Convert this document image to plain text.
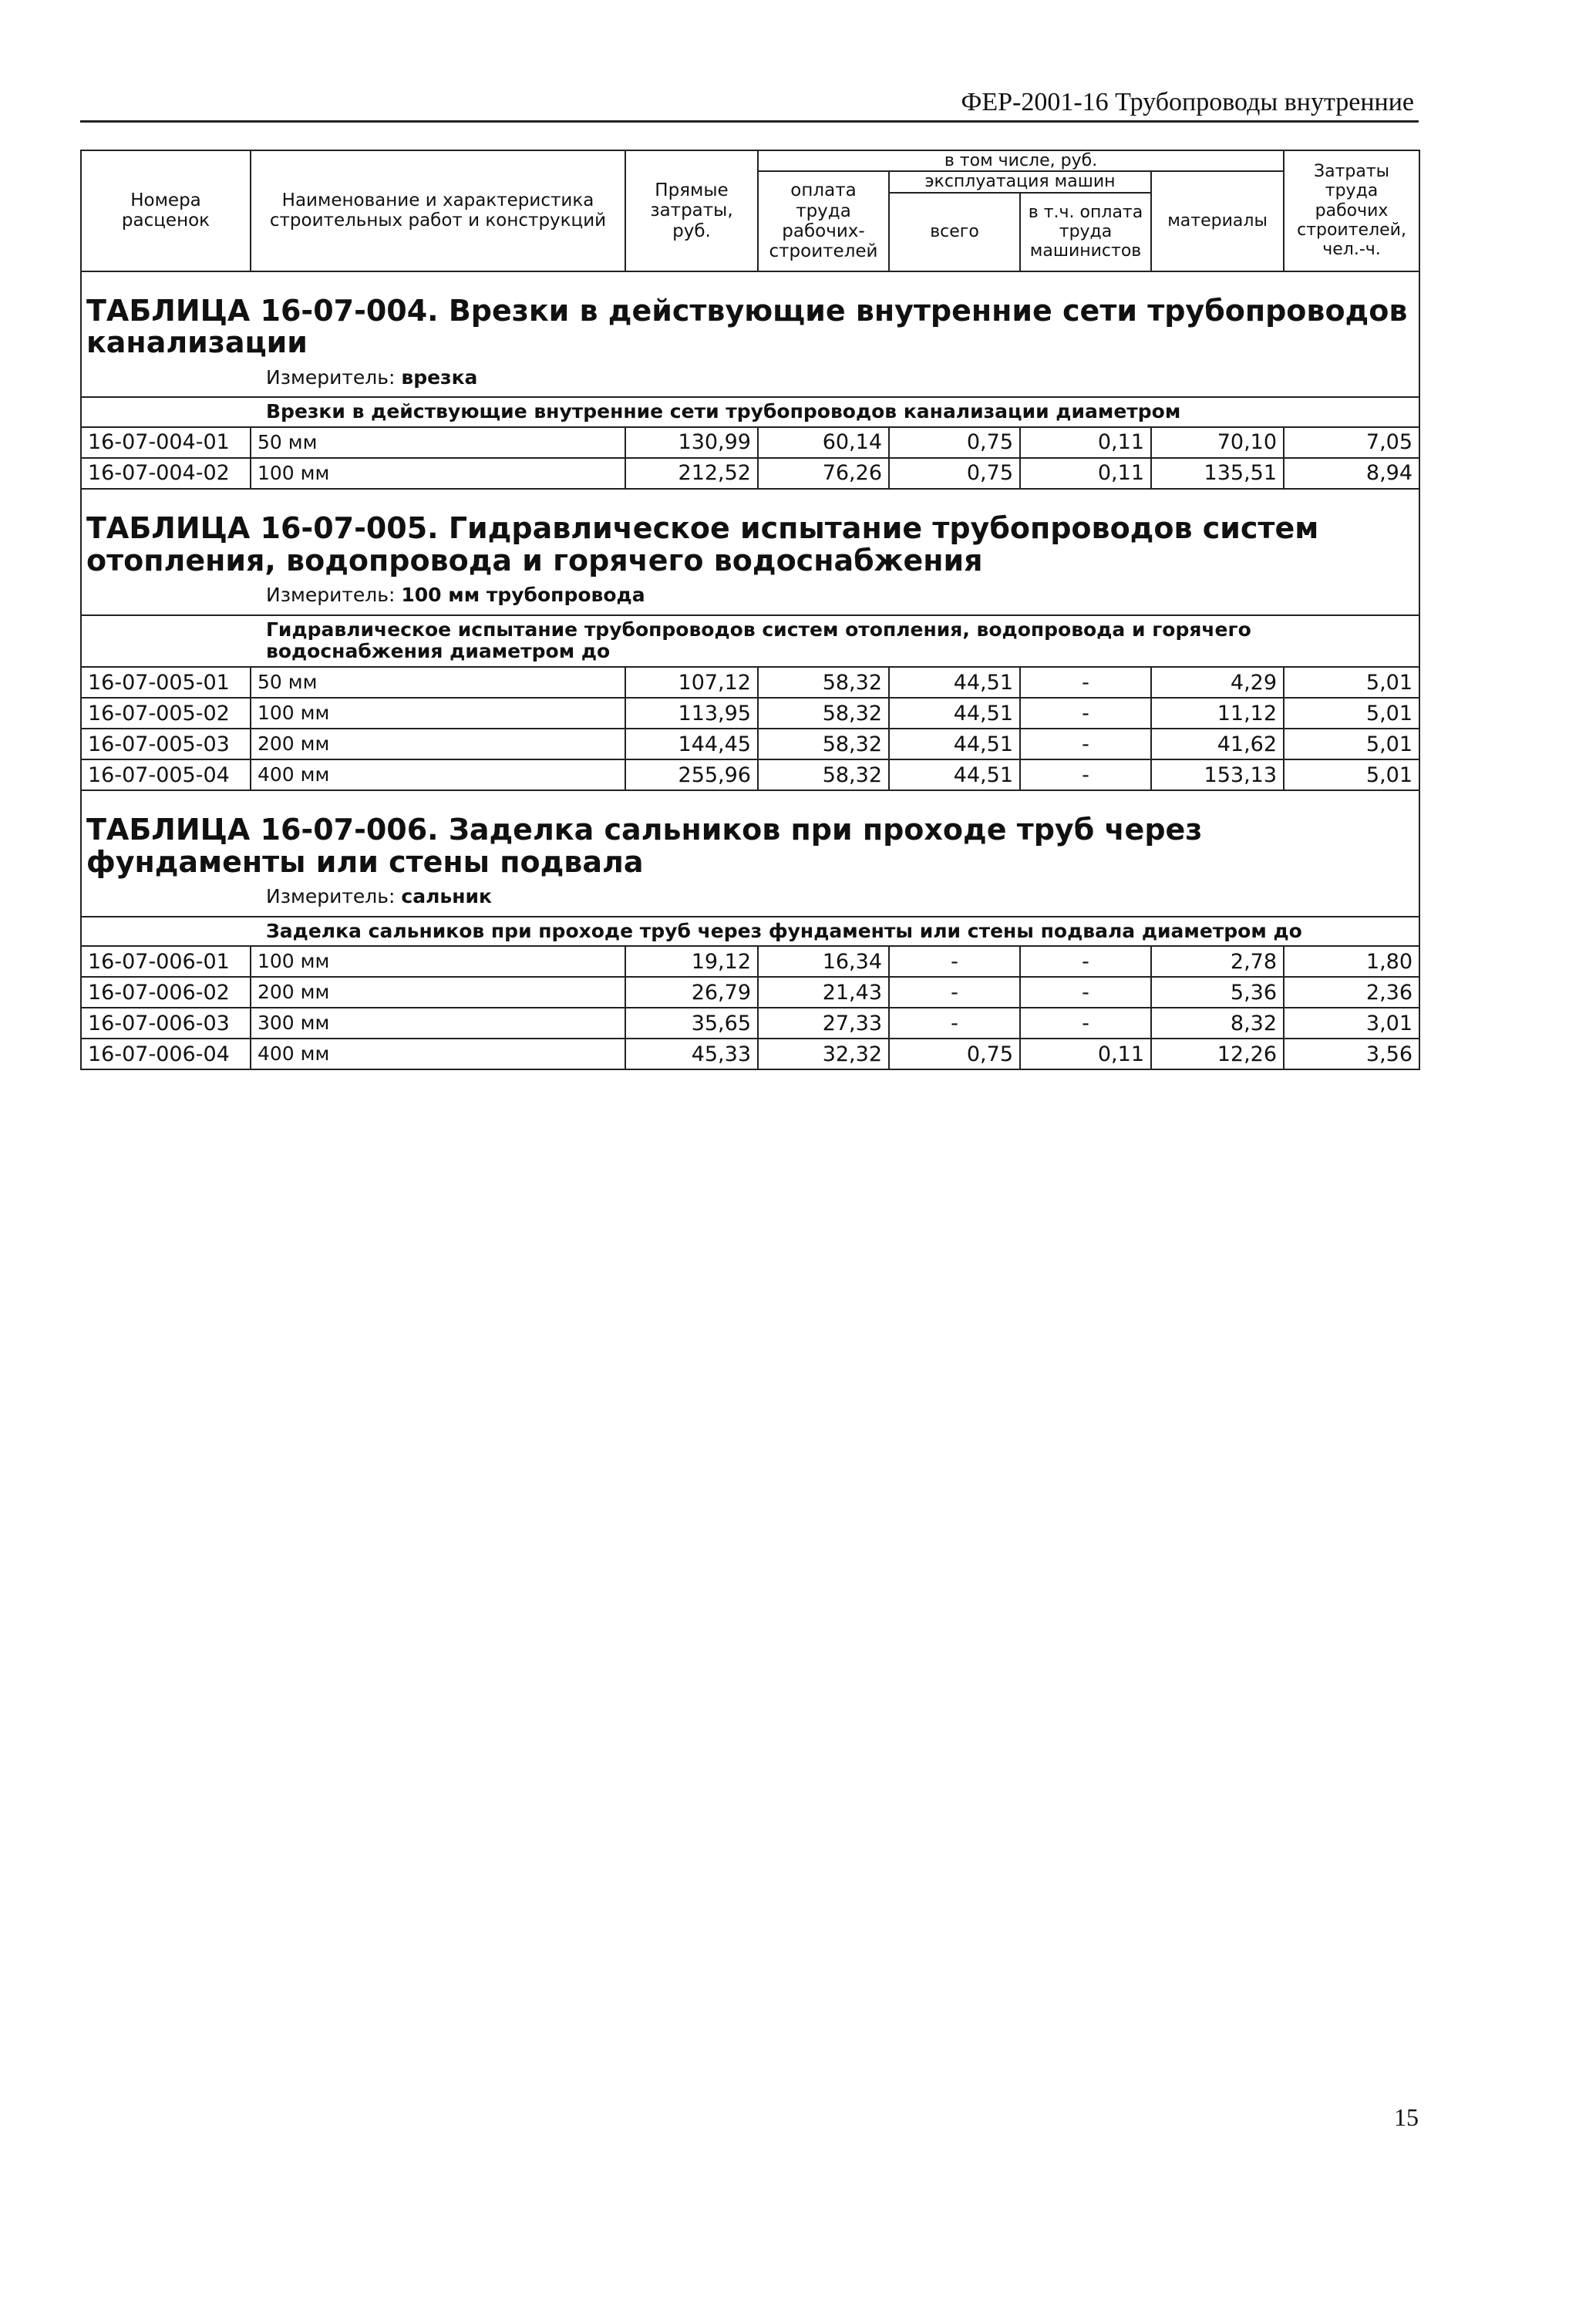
ФЕР-2001-16 Трубопроводы внутренние
Номера расценок	Наименование и характеристика строительных работ и конструкций	Прямые затраты, руб.	в том числе, руб.				Затраты труда рабочих строителей, чел.-ч.
			оплата труда рабочих-строителей	эксплуатация машин		материалы	
				всего	в т.ч. оплата труда машинистов		

ТАБЛИЦА 16-07-004. Врезки в действующие внутренние сети трубопроводов канализации							
	Измеритель: врезка						
	Врезки в действующие внутренние сети трубопроводов канализации диаметром						
16-07-004-01	50 мм	130,99	60,14	0,75	0,11	70,10	7,05
16-07-004-02	100 мм	212,52	76,26	0,75	0,11	135,51	8,94

ТАБЛИЦА 16-07-005. Гидравлическое испытание трубопроводов систем отопления, водопровода и горячего водоснабжения							
	Измеритель: 100 мм трубопровода						
	Гидравлическое испытание трубопроводов систем отопления, водопровода и горячего водоснабжения диаметром до						
16-07-005-01	50 мм	107,12	58,32	44,51	-	4,29	5,01
16-07-005-02	100 мм	113,95	58,32	44,51	-	11,12	5,01
16-07-005-03	200 мм	144,45	58,32	44,51	-	41,62	5,01
16-07-005-04	400 мм	255,96	58,32	44,51	-	153,13	5,01

ТАБЛИЦА 16-07-006. Заделка сальников при проходе труб через фундаменты или стены подвала							
	Измеритель: сальник						
	Заделка сальников при проходе труб через фундаменты или стены подвала диаметром до						
16-07-006-01	100 мм	19,12	16,34	-	-	2,78	1,80
16-07-006-02	200 мм	26,79	21,43	-	-	5,36	2,36
16-07-006-03	300 мм	35,65	27,33	-	-	8,32	3,01
16-07-006-04	400 мм	45,33	32,32	0,75	0,11	12,26	3,56
15
